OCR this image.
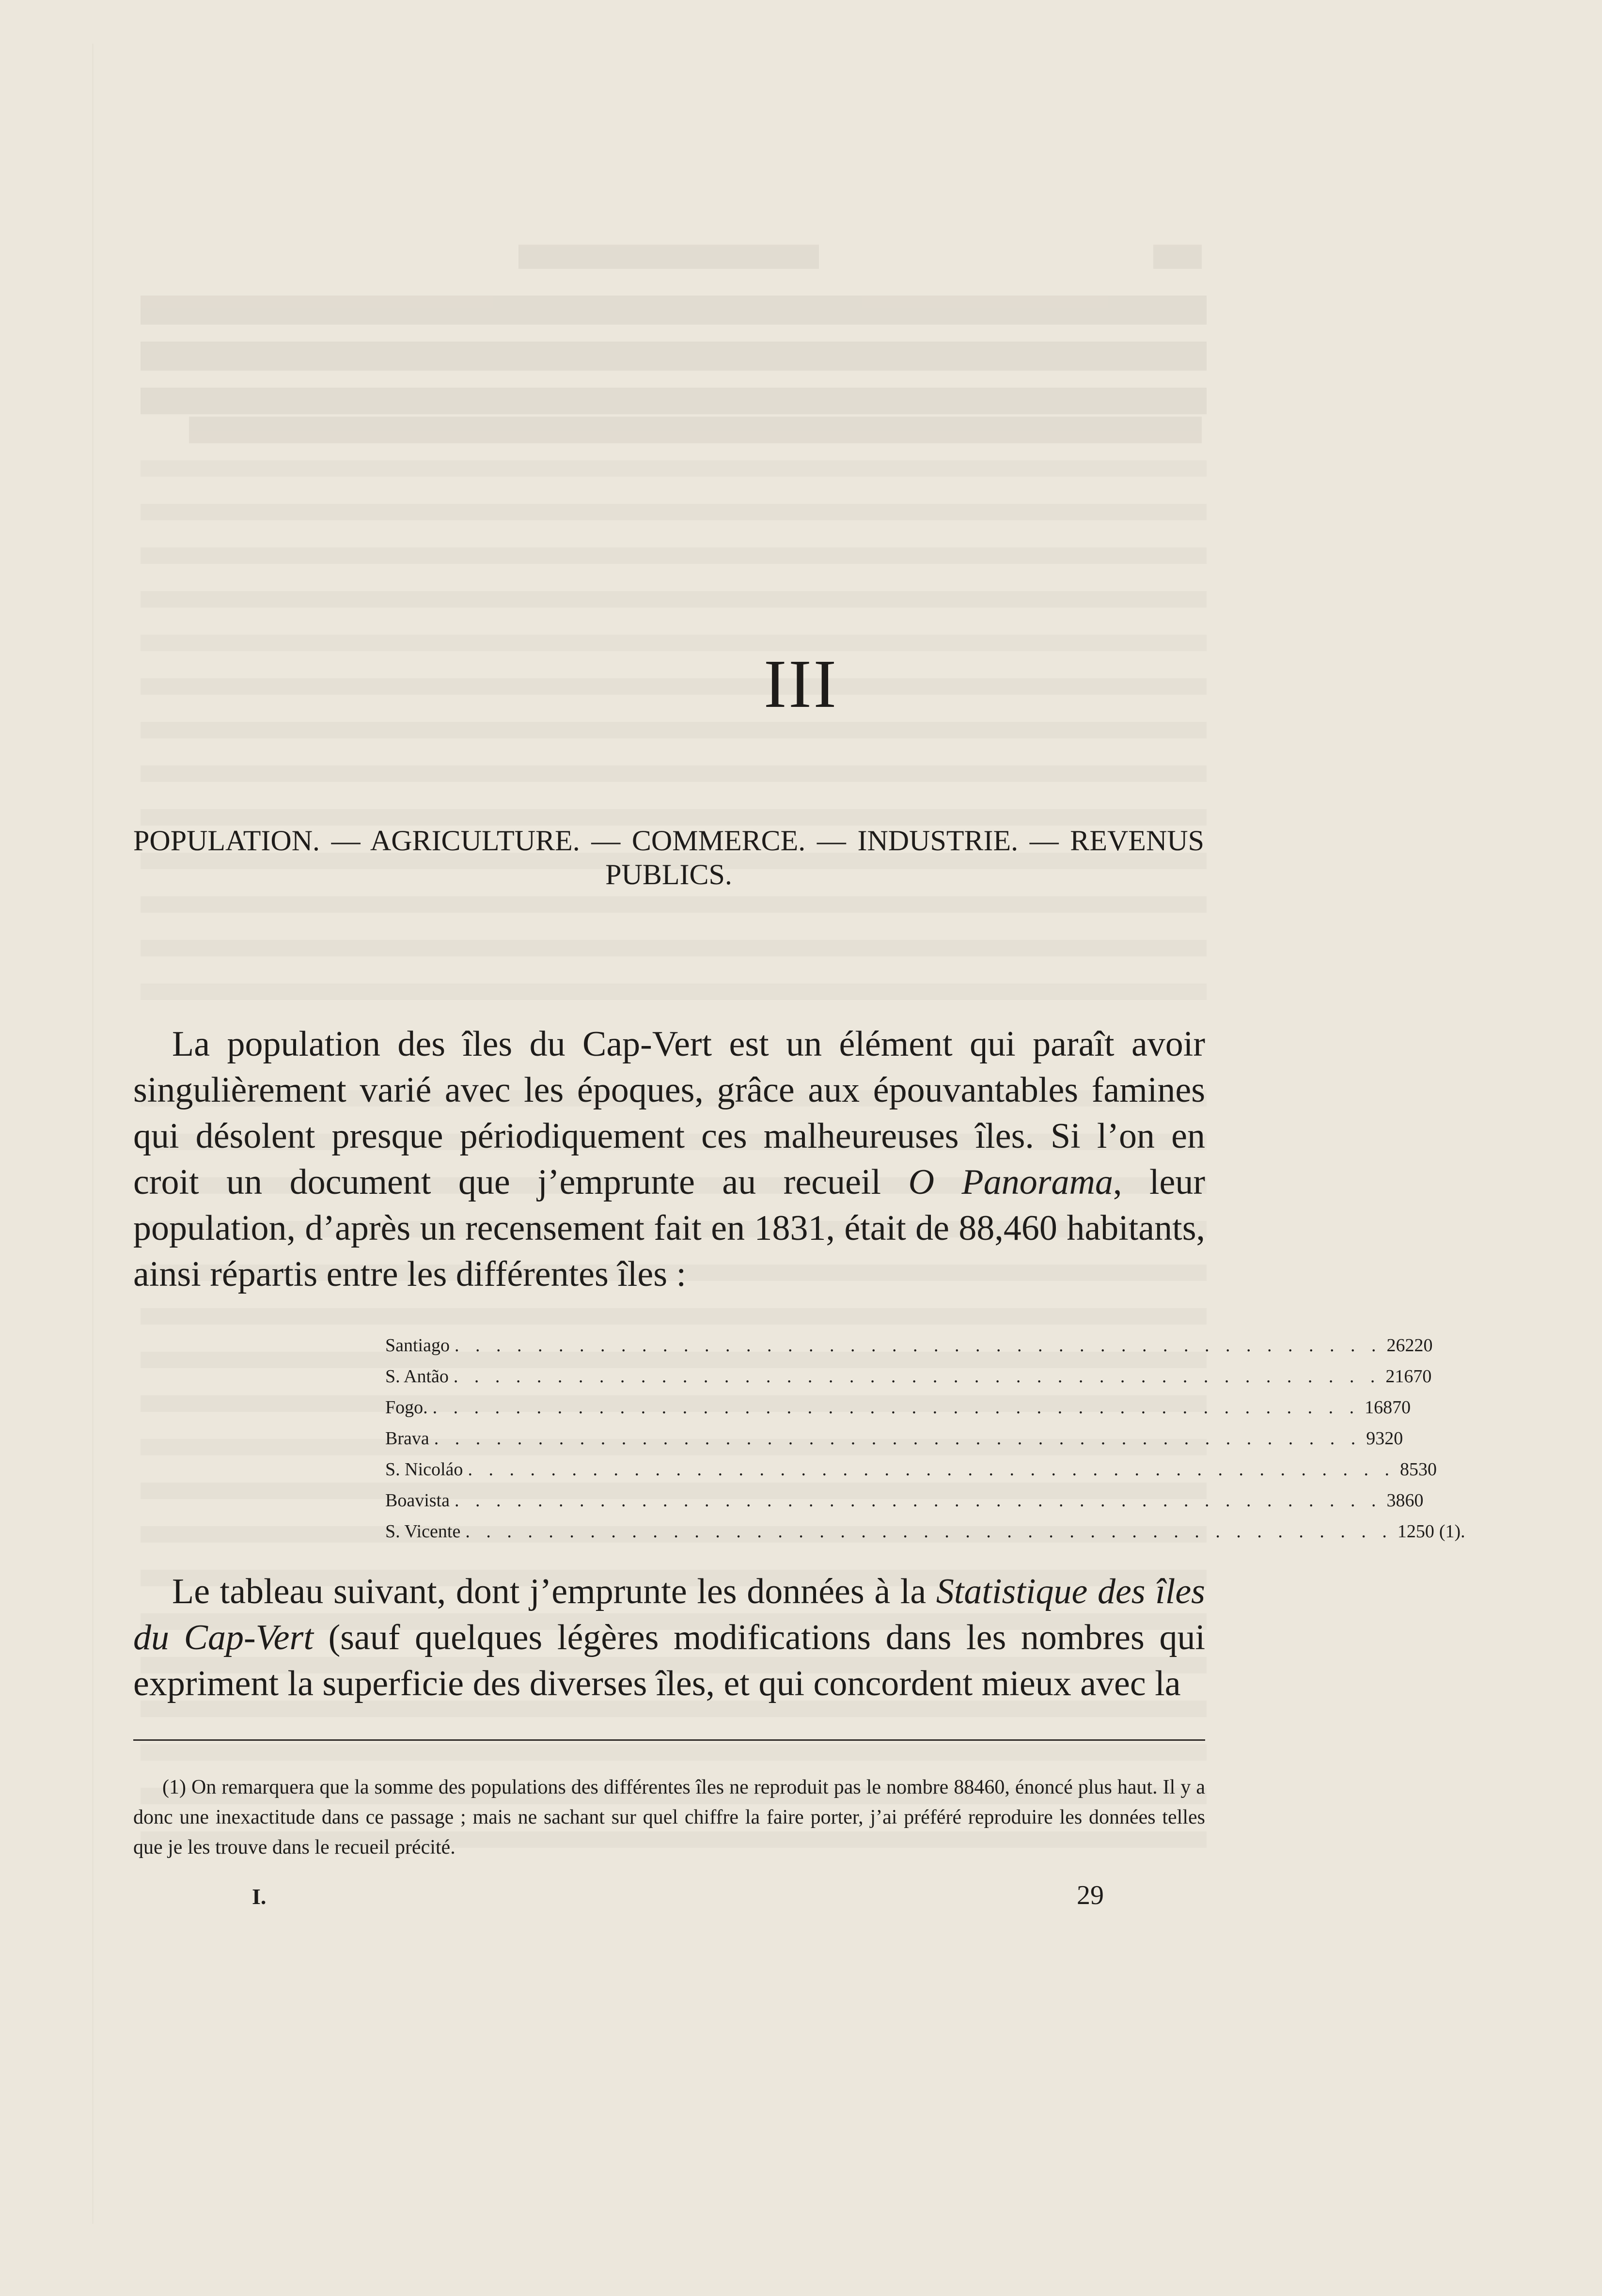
III
POPULATION. — AGRICULTURE. — COMMERCE. — INDUSTRIE. — REVENUS PUBLICS.

La population des îles du Cap-Vert est un élément qui paraît avoir singulièrement varié avec les époques, grâce aux épouvantables famines qui désolent presque périodiquement ces malheureuses îles. Si l’on en croit un document que j’emprunte au recueil O Panorama, leur population, d’après un recensement fait en 1831, était de 88,460 habitants, ainsi répartis entre les différentes îles :

Santiago . . . . . . . . . . . . . . . . . . . . . . . . . . . . . . . . . . . . . . . . . . . . . 26220
S. Antão . . . . . . . . . . . . . . . . . . . . . . . . . . . . . . . . . . . . . . . . . . . . . 21670
Fogo. . . . . . . . . . . . . . . . . . . . . . . . . . . . . . . . . . . . . . . . . . . . . . 16870
Brava . . . . . . . . . . . . . . . . . . . . . . . . . . . . . . . . . . . . . . . . . . . . . 9320
S. Nicoláo . . . . . . . . . . . . . . . . . . . . . . . . . . . . . . . . . . . . . . . . . . . . . 8530
Boavista . . . . . . . . . . . . . . . . . . . . . . . . . . . . . . . . . . . . . . . . . . . . . 3860
S. Vicente . . . . . . . . . . . . . . . . . . . . . . . . . . . . . . . . . . . . . . . . . . . . . 1250 (1).

Le tableau suivant, dont j’emprunte les données à la Statistique des îles du Cap-Vert (sauf quelques légères modifications dans les nombres qui expriment la superficie des diverses îles, et qui concordent mieux avec la

(1) On remarquera que la somme des populations des différentes îles ne reproduit pas le nombre 88460, énoncé plus haut. Il y a donc une inexactitude dans ce passage ; mais ne sachant sur quel chiffre la faire porter, j’ai préféré reproduire les données telles que je les trouve dans le recueil précité.

I.	29
